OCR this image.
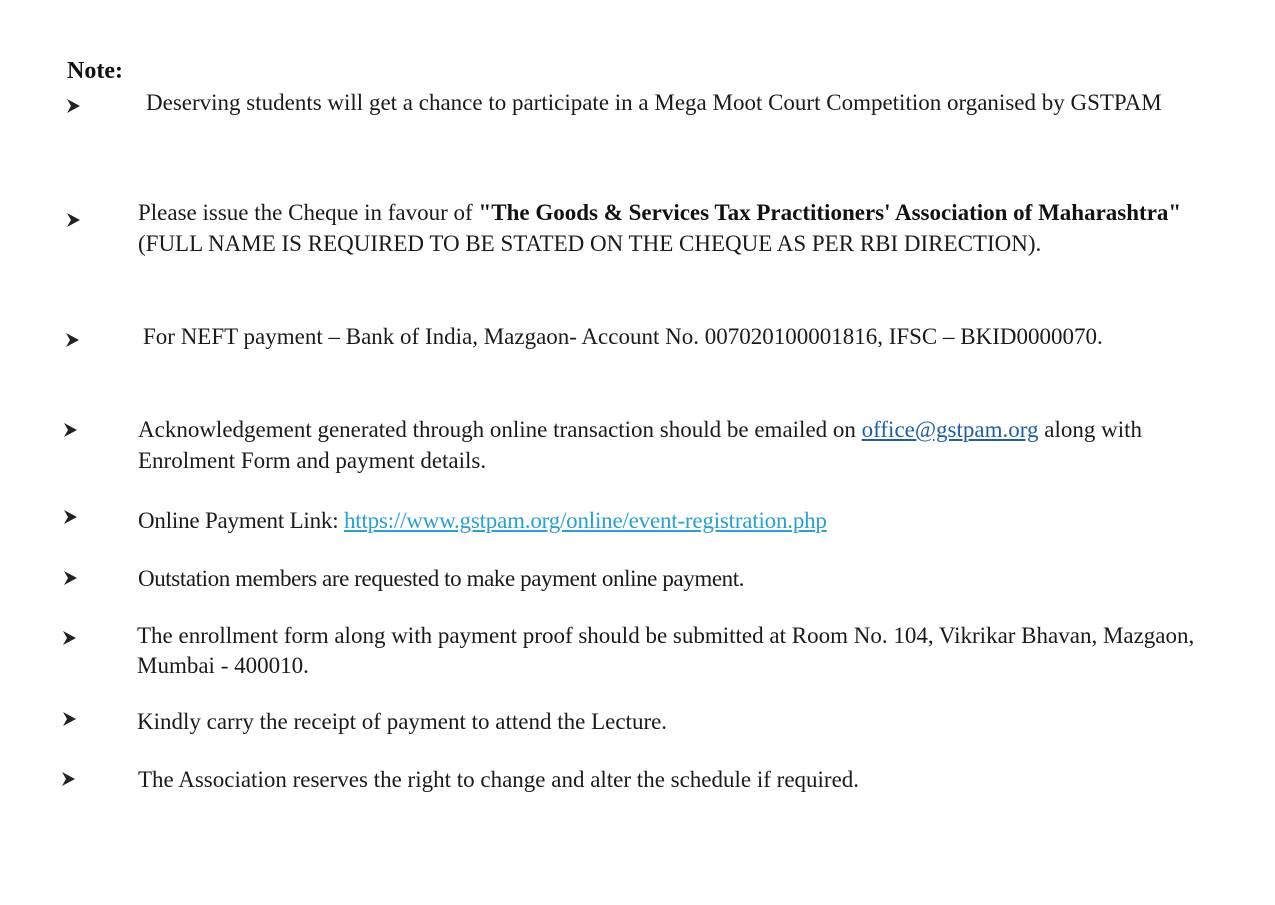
Note:
Deserving students will get a chance to participate in a Mega Moot Court Competition organised by GSTPAM
Please issue the Cheque in favour of "The Goods & Services Tax Practitioners' Association of Maharashtra" (FULL NAME IS REQUIRED TO BE STATED ON THE CHEQUE AS PER RBI DIRECTION).
For NEFT payment – Bank of India, Mazgaon- Account No. 007020100001816, IFSC – BKID0000070.
Acknowledgement generated through online transaction should be emailed on office@gstpam.org along with Enrolment Form and payment details.
Online Payment Link: https://www.gstpam.org/online/event-registration.php
Outstation members are requested to make payment online payment.
The enrollment form along with payment proof should be submitted at Room No. 104, Vikrikar Bhavan, Mazgaon, Mumbai - 400010.
Kindly carry the receipt of payment to attend the Lecture.
The Association reserves the right to change and alter the schedule if required.
